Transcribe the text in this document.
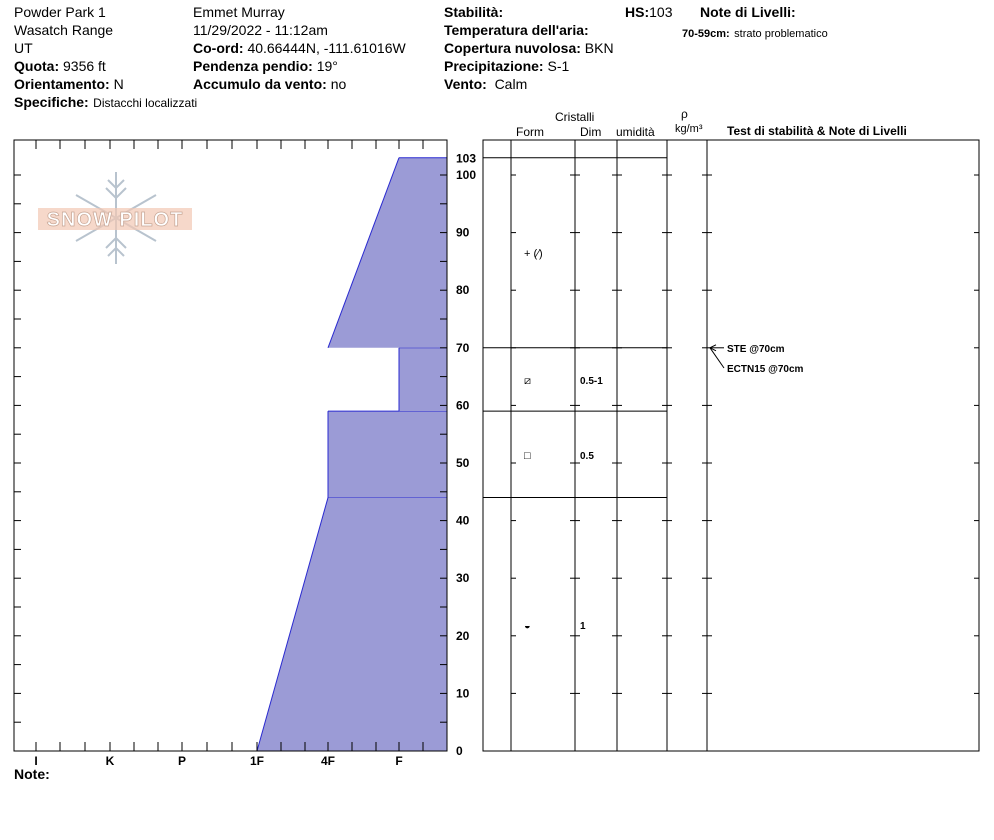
Powder Park 1
Wasatch Range
UT
Quota: 9356 ft
Orientamento: N
Specifiche: Distacchi localizzati
Emmet Murray
11/29/2022 - 11:12am
Co-ord: 40.66444N, -111.61016W
Pendenza pendio: 19°
Accumulo da vento: no
Stabilità:
Temperatura dell'aria:
Copertura nuvolosa: BKN
Precipitazione: S-1
Vento: Calm
HS:103 Note di Livelli:
70-59cm: strato problematico
Cristalli
Form	Dim umidità
ρ
kg/m³ Test di stabilità & Note di Livelli
SNOW PILOT
I	K	P	1F	4F	F
0
10
20
30
40
50
60
70
80
90
100
103
+ (⁄)
⧄	0.5-1
□	0.5
◒	1
STE @70cm
ECTN15 @70cm
Note:
